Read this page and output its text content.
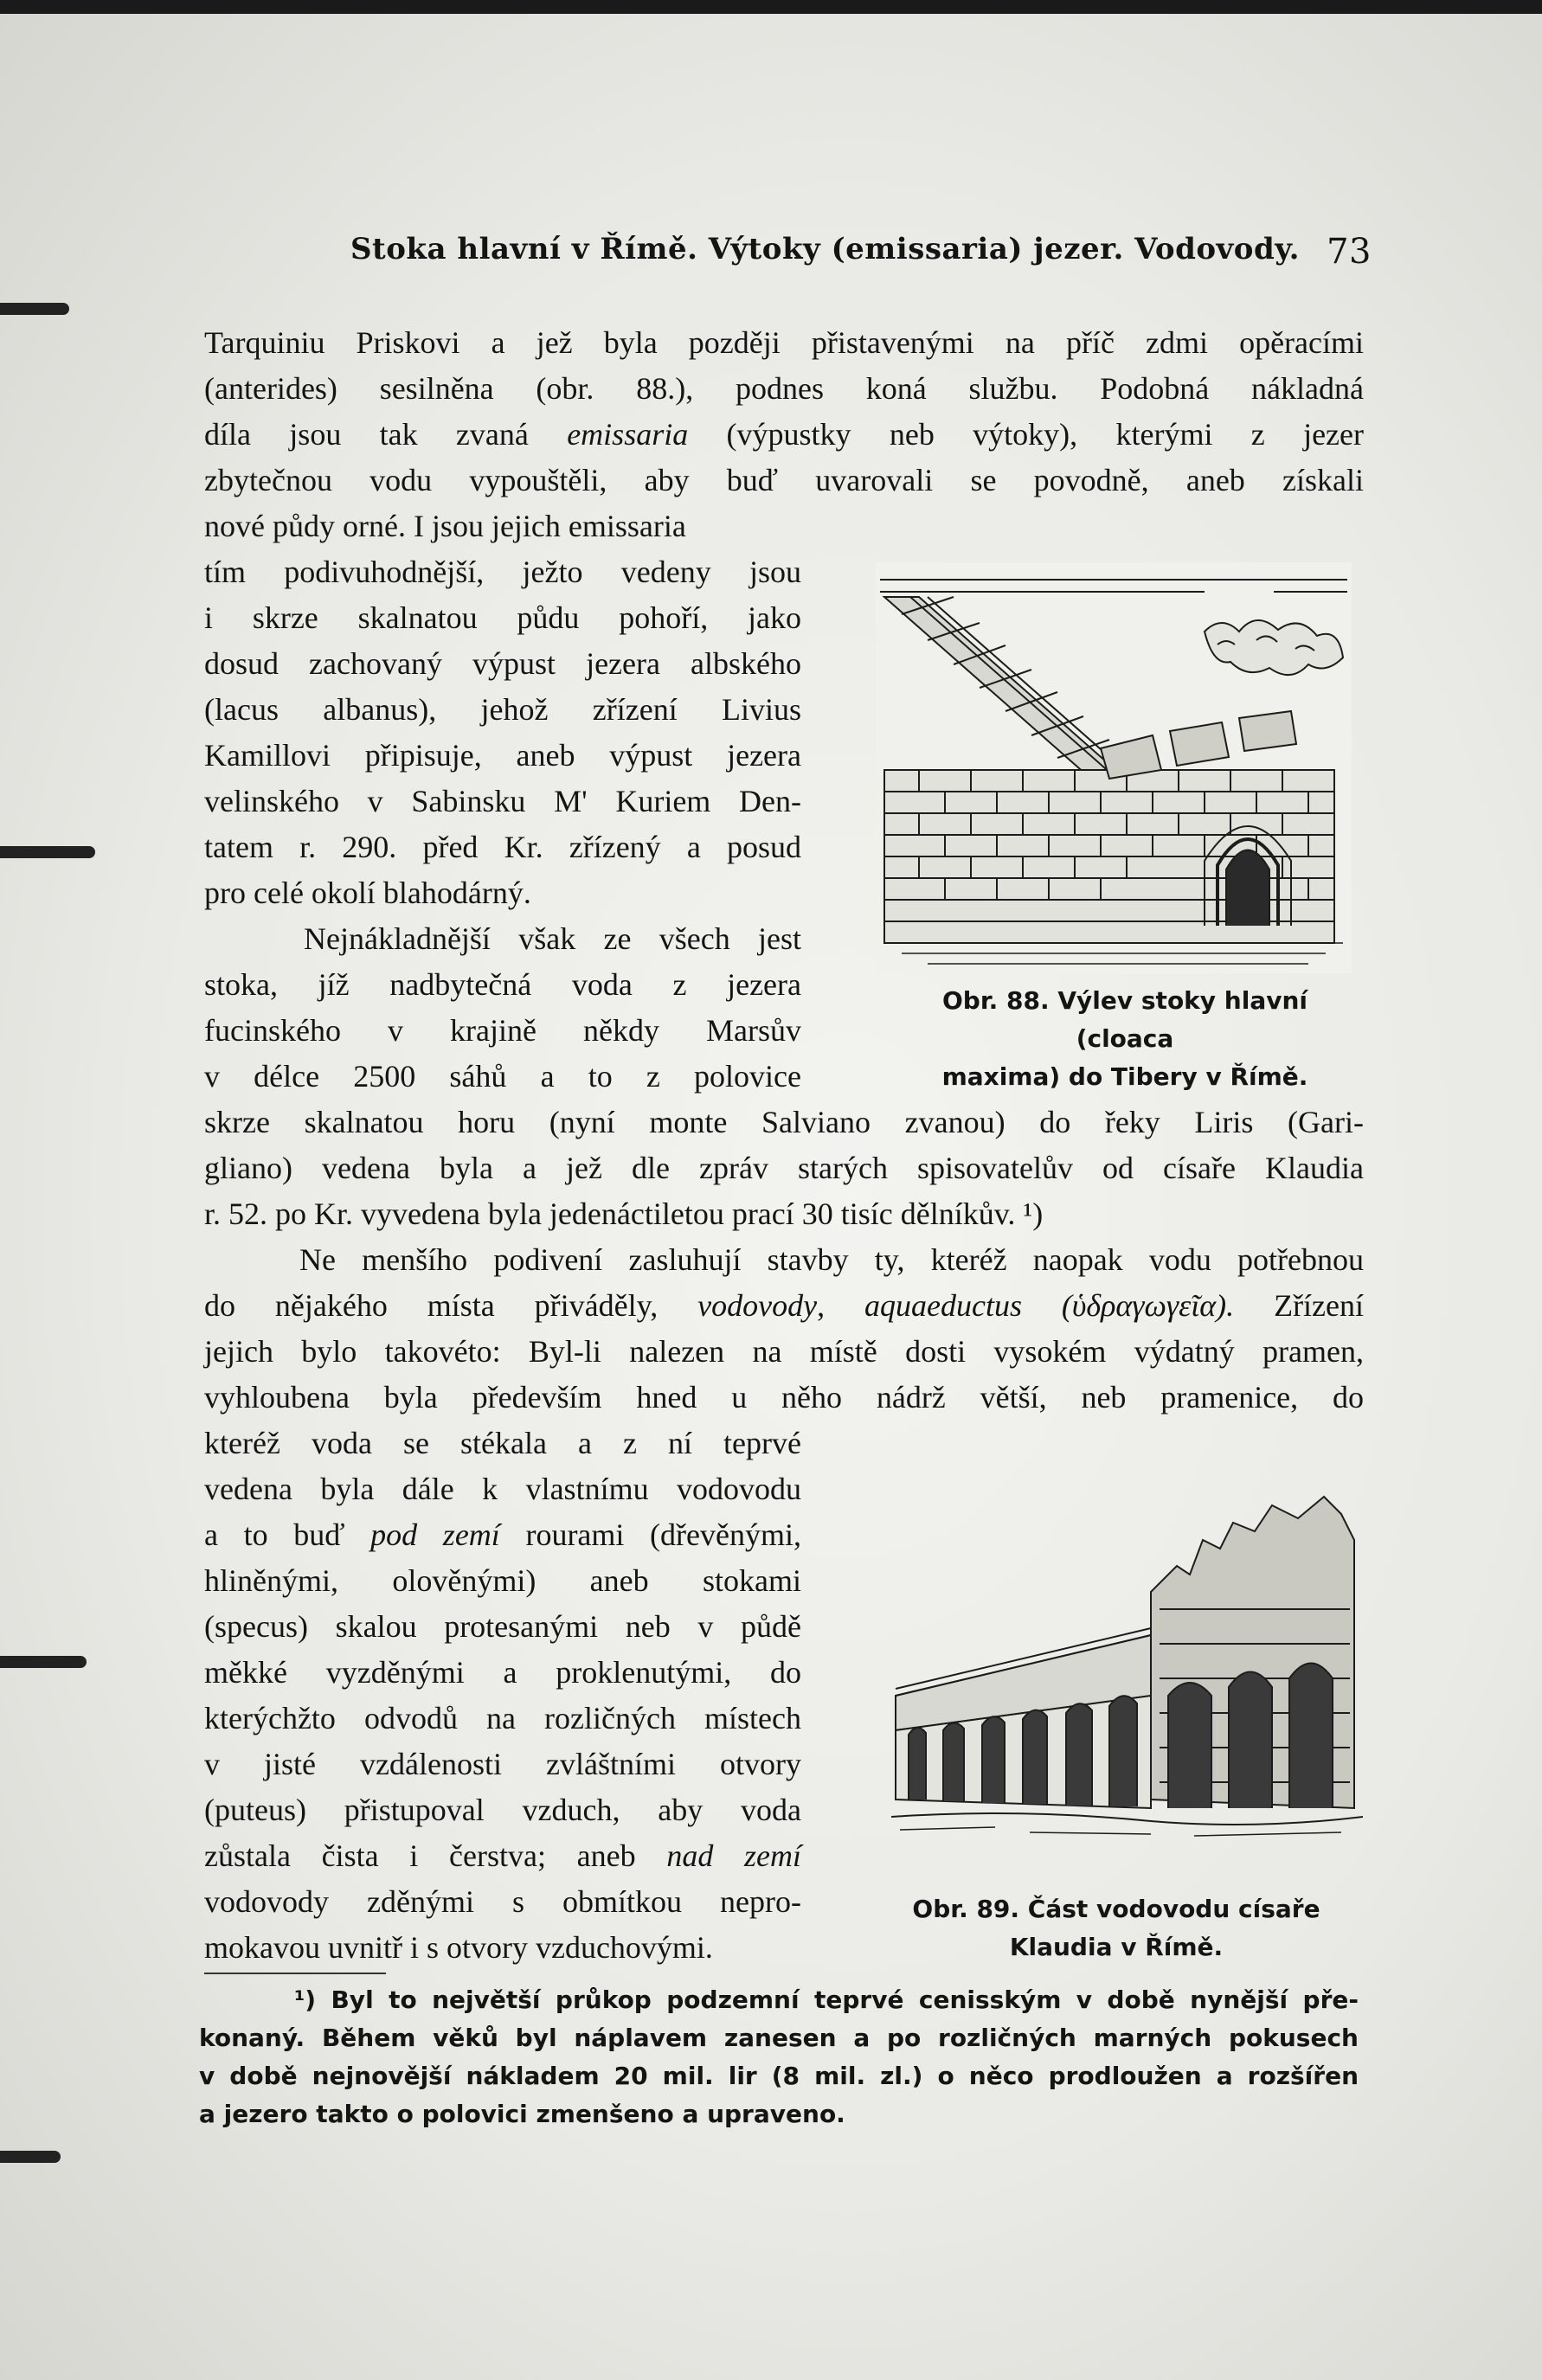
Stoka hlavní v Římě. Výtoky (emissaria) jezer. Vodovody. 73
Tarquiniu Priskovi a jež byla později přistavenými na příč zdmi opěracími
(anterides) sesilněna (obr. 88.), podnes koná službu. Podobná nákladná
díla jsou tak zvaná emissaria (výpustky neb výtoky), kterými z jezer
zbytečnou vodu vypouštěli, aby buď uvarovali se povodně, aneb získali
nové půdy orné. I jsou jejich emissaria
tím podivuhodnější, ježto vedeny jsou
i skrze skalnatou půdu pohoří, jako
dosud zachovaný výpust jezera albského
(lacus albanus), jehož zřízení Livius
Kamillovi připisuje, aneb výpust jezera
velinského v Sabinsku M' Kuriem Den-
tatem r. 290. před Kr. zřízený a posud
pro celé okolí blahodárný.
Nejnákladnější však ze všech jest
stoka, jíž nadbytečná voda z jezera
fucinského v krajině někdy Marsův
v délce 2500 sáhů a to z polovice
skrze skalnatou horu (nyní monte Salviano zvanou) do řeky Liris (Gari-
gliano) vedena byla a jež dle zpráv starých spisovatelův od císaře Klaudia
r. 52. po Kr. vyvedena byla jedenáctiletou prací 30 tisíc dělníkův. ¹)
Ne menšího podivení zasluhují stavby ty, kteréž naopak vodu potřebnou
do nějakého místa přiváděly, vodovody, aquaeductus (ὑδραγωγεῖα). Zřízení
jejich bylo takovéto: Byl-li nalezen na místě dosti vysokém výdatný pramen,
vyhloubena byla především hned u něho nádrž větší, neb pramenice, do
kteréž voda se stékala a z ní teprvé
vedena byla dále k vlastnímu vodovodu
a to buď pod zemí rourami (dřevěnými,
hliněnými, olověnými) aneb stokami
(specus) skalou protesanými neb v půdě
měkké vyzděnými a proklenutými, do
kterýchžto odvodů na rozličných místech
v jisté vzdálenosti zvláštními otvory
(puteus) přistupoval vzduch, aby voda
zůstala čista i čerstva; aneb nad zemí
vodovody zděnými s obmítkou nepro-
mokavou uvnitř i s otvory vzduchovými.
Obr. 88. Výlev stoky hlavní (cloaca
maxima) do Tibery v Římě.
Obr. 89. Část vodovodu císaře
Klaudia v Římě.
¹) Byl to největší průkop podzemní teprvé cenisským v době nynější pře-
konaný. Během věků byl náplavem zanesen a po rozličných marných pokusech
v době nejnovější nákladem 20 mil. lir (8 mil. zl.) o něco prodloužen a rozšířen
a jezero takto o polovici zmenšeno a upraveno.
